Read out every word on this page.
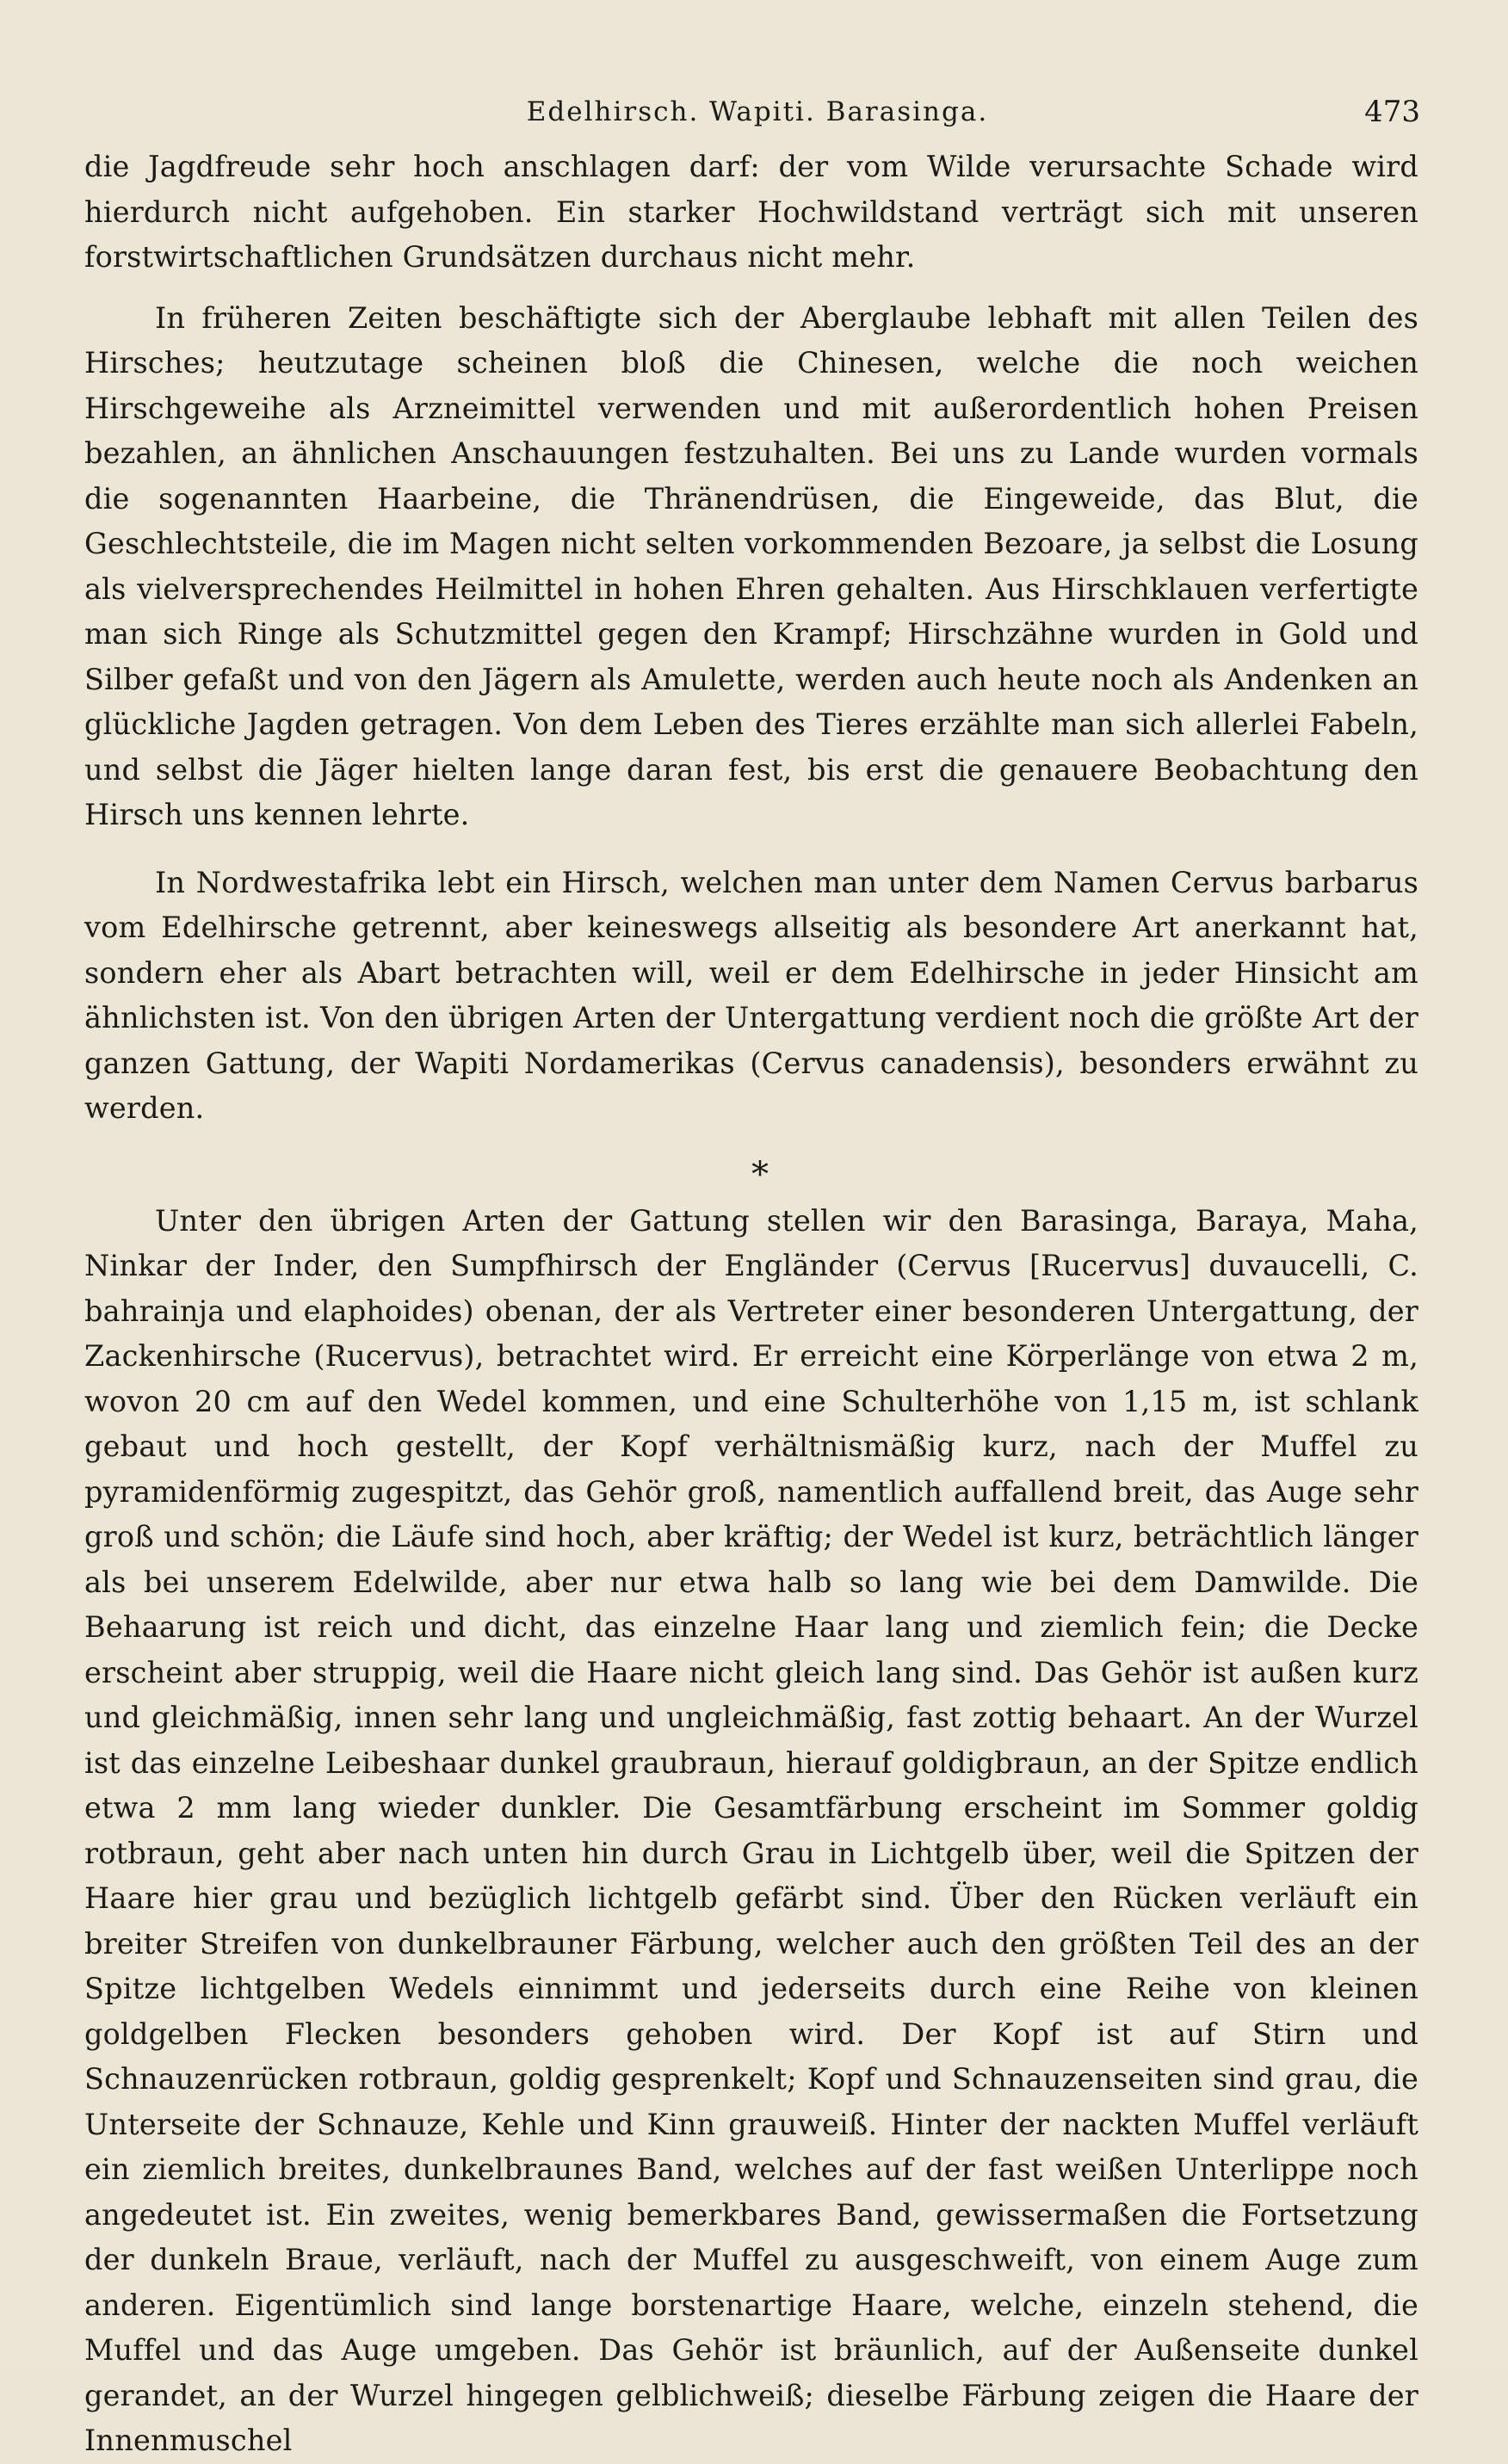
Edelhirsch. Wapiti. Barasinga.	473

die Jagdfreude sehr hoch anschlagen darf: der vom Wilde verursachte Schade wird hierdurch nicht aufgehoben. Ein starker Hochwildstand verträgt sich mit unseren forstwirtschaftlichen Grundsätzen durchaus nicht mehr.

In früheren Zeiten beschäftigte sich der Aberglaube lebhaft mit allen Teilen des Hirsches; heutzutage scheinen bloß die Chinesen, welche die noch weichen Hirschgeweihe als Arzneimittel verwenden und mit außerordentlich hohen Preisen bezahlen, an ähnlichen Anschauungen festzuhalten. Bei uns zu Lande wurden vormals die sogenannten Haarbeine, die Thränendrüsen, die Eingeweide, das Blut, die Geschlechtsteile, die im Magen nicht selten vorkommenden Bezoare, ja selbst die Losung als vielversprechendes Heilmittel in hohen Ehren gehalten. Aus Hirschklauen verfertigte man sich Ringe als Schutzmittel gegen den Krampf; Hirschzähne wurden in Gold und Silber gefaßt und von den Jägern als Amulette, werden auch heute noch als Andenken an glückliche Jagden getragen. Von dem Leben des Tieres erzählte man sich allerlei Fabeln, und selbst die Jäger hielten lange daran fest, bis erst die genauere Beobachtung den Hirsch uns kennen lehrte.

In Nordwestafrika lebt ein Hirsch, welchen man unter dem Namen Cervus barbarus vom Edelhirsche getrennt, aber keineswegs allseitig als besondere Art anerkannt hat, sondern eher als Abart betrachten will, weil er dem Edelhirsche in jeder Hinsicht am ähnlichsten ist. Von den übrigen Arten der Untergattung verdient noch die größte Art der ganzen Gattung, der Wapiti Nordamerikas (Cervus canadensis), besonders erwähnt zu werden.

*

Unter den übrigen Arten der Gattung stellen wir den Barasinga, Baraya, Maha, Ninkar der Inder, den Sumpfhirsch der Engländer (Cervus [Rucervus] duvaucelli, C. bahrainja und elaphoides) obenan, der als Vertreter einer besonderen Untergattung, der Zackenhirsche (Rucervus), betrachtet wird. Er erreicht eine Körperlänge von etwa 2 m, wovon 20 cm auf den Wedel kommen, und eine Schulterhöhe von 1,15 m, ist schlank gebaut und hoch gestellt, der Kopf verhältnismäßig kurz, nach der Muffel zu pyramidenförmig zugespitzt, das Gehör groß, namentlich auffallend breit, das Auge sehr groß und schön; die Läufe sind hoch, aber kräftig; der Wedel ist kurz, beträchtlich länger als bei unserem Edelwilde, aber nur etwa halb so lang wie bei dem Damwilde. Die Behaarung ist reich und dicht, das einzelne Haar lang und ziemlich fein; die Decke erscheint aber struppig, weil die Haare nicht gleich lang sind. Das Gehör ist außen kurz und gleichmäßig, innen sehr lang und ungleichmäßig, fast zottig behaart. An der Wurzel ist das einzelne Leibeshaar dunkel graubraun, hierauf goldigbraun, an der Spitze endlich etwa 2 mm lang wieder dunkler. Die Gesamtfärbung erscheint im Sommer goldig rotbraun, geht aber nach unten hin durch Grau in Lichtgelb über, weil die Spitzen der Haare hier grau und bezüglich lichtgelb gefärbt sind. Über den Rücken verläuft ein breiter Streifen von dunkelbrauner Färbung, welcher auch den größten Teil des an der Spitze lichtgelben Wedels einnimmt und jederseits durch eine Reihe von kleinen goldgelben Flecken besonders gehoben wird. Der Kopf ist auf Stirn und Schnauzenrücken rotbraun, goldig gesprenkelt; Kopf und Schnauzenseiten sind grau, die Unterseite der Schnauze, Kehle und Kinn grauweiß. Hinter der nackten Muffel verläuft ein ziemlich breites, dunkelbraunes Band, welches auf der fast weißen Unterlippe noch angedeutet ist. Ein zweites, wenig bemerkbares Band, gewissermaßen die Fortsetzung der dunkeln Braue, verläuft, nach der Muffel zu ausgeschweift, von einem Auge zum anderen. Eigentümlich sind lange borstenartige Haare, welche, einzeln stehend, die Muffel und das Auge umgeben. Das Gehör ist bräunlich, auf der Außenseite dunkel gerandet, an der Wurzel hingegen gelblichweiß; dieselbe Färbung zeigen die Haare der Innenmuschel
